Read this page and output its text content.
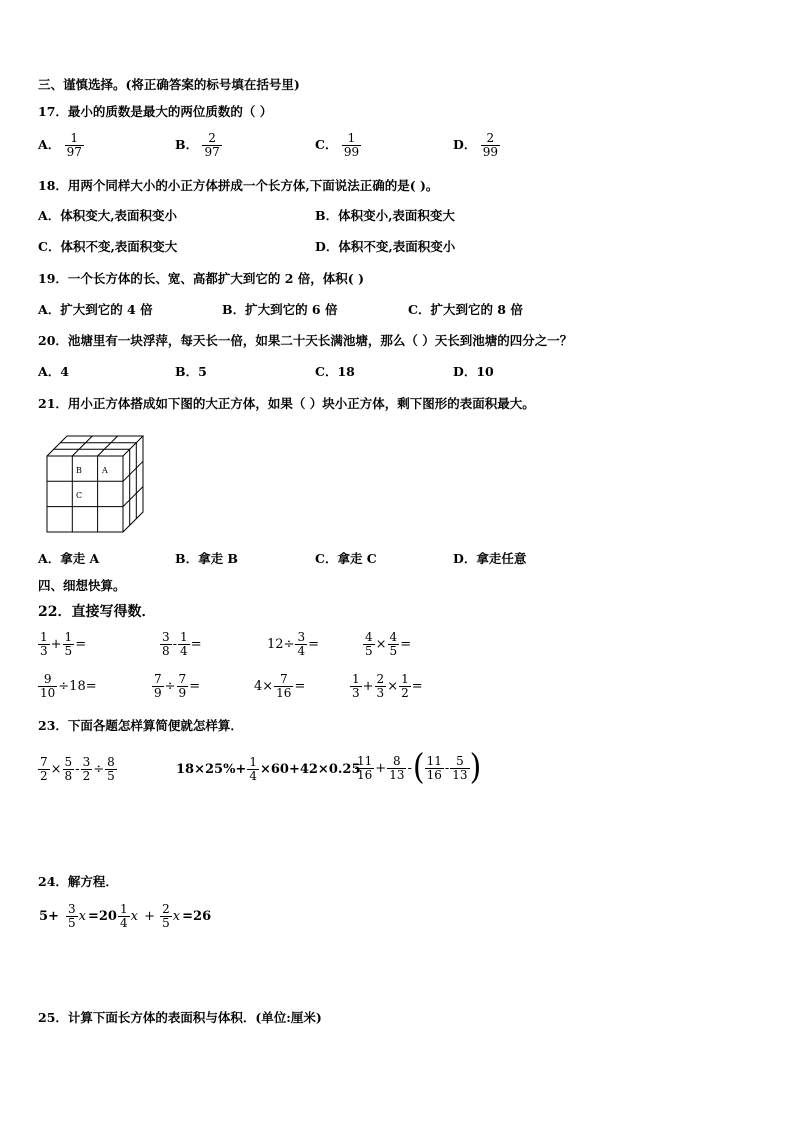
三、谨慎选择。(将正确答案的标号填在括号里)
17．最小的质数是最大的两位质数的（ ）
A． $\frac{1}{97}$	B． $\frac{2}{97}$	C． $\frac{1}{99}$	D． $\frac{2}{99}$
18．用两个同样大小的小正方体拼成一个长方体,下面说法正确的是( )。
A．体积变大,表面积变小	B．体积变小,表面积变大
C．体积不变,表面积变大	D．体积不变,表面积变小
19．一个长方体的长、宽、高都扩大到它的 2 倍，体积( )
A．扩大到它的 4 倍	B．扩大到它的 6 倍	C．扩大到它的 8 倍
20．池塘里有一块浮萍，每天长一倍，如果二十天长满池塘，那么（ ）天长到池塘的四分之一？
A．4	B．5	C．18	D．10
21．用小正方体搭成如下图的大正方体，如果（ ）块小正方体，剩下图形的表面积最大。
B	A
C
A．拿走 A	B．拿走 B	C．拿走 C	D．拿走任意
四、细想快算。
22．直接写得数．
$\frac{1}{3} + \frac{1}{5}$ =	$\frac{3}{8} - \frac{1}{4}$ =	$12\div \frac{3}{4}$ =	$\frac{4}{5} \times \frac{4}{5}$ =
$\frac{9}{10} \div 18=$	$\frac{7}{9} \div \frac{7}{9}$ =	$4\times \frac{7}{16}$ =	$\frac{1}{3} + \frac{2}{3} \times \frac{1}{2}$ =
23．下面各题怎样算简便就怎样算．
$\frac{7}{2} \times \frac{5}{8} - \frac{3}{2} \div \frac{8}{5}$	$18\times 25\%+ \frac{1}{4} \times 60+42\times 0.25$
$\frac{11}{16} + \frac{8}{13}$ - ( $\frac{11}{16} - \frac{5}{13}$ )
24．解方程．
$5+ \frac{3}{5}$ $x =20 \frac{1}{4}$ $x + \frac{2}{5}$ x =26
25．计算下面长方体的表面积与体积．(单位:厘米)
